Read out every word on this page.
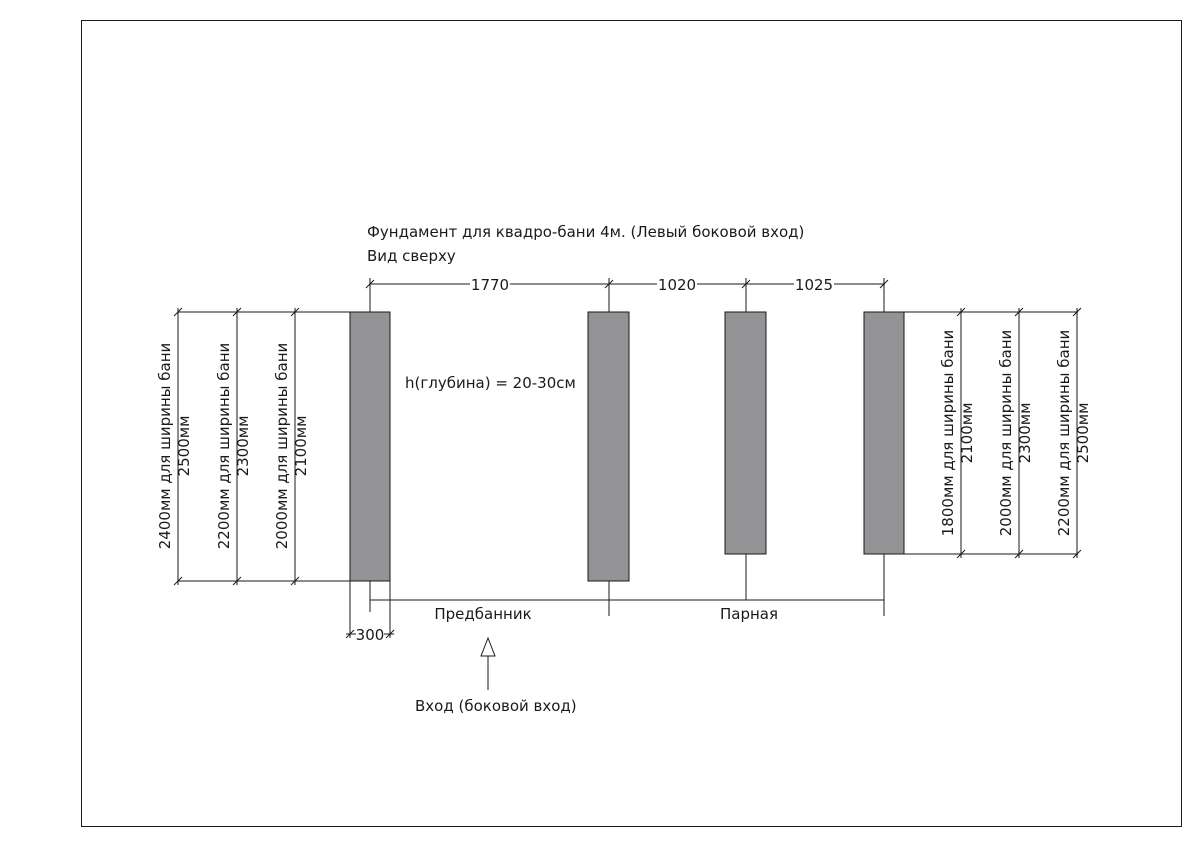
Фундамент для квадро-бани 4м. (Левый боковой вход)
Вид сверху
1770	1020	1025
2400мм для ширины бани 2500мм 2200мм для ширины бани 2300мм 2000мм для ширины бани 2100мм	1800мм для ширины бани 2100мм 2000мм для ширины бани 2300мм 2200мм для ширины бани 2500мм
h(глубина) = 20-30см
Предбанник	Парная
300
Вход (боковой вход)
